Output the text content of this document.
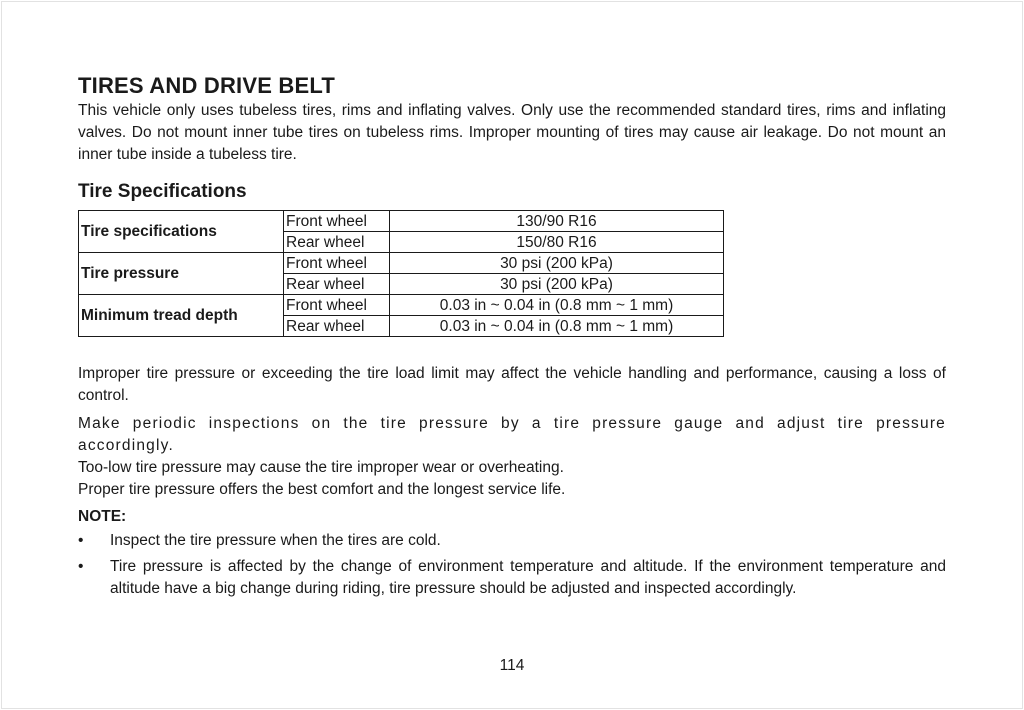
TIRES AND DRIVE BELT

This vehicle only uses tubeless tires, rims and inflating valves. Only use the recommended standard tires, rims and inflating valves. Do not mount inner tube tires on tubeless rims. Improper mounting of tires may cause air leakage. Do not mount an inner tube inside a tubeless tire.

Tire Specifications
Tire specifications	Front wheel	130/90 R16
	Rear wheel	150/80 R16
Tire pressure	Front wheel	30 psi (200 kPa)
	Rear wheel	30 psi (200 kPa)
Minimum tread depth	Front wheel	0.03 in ~ 0.04 in (0.8 mm ~ 1 mm)
	Rear wheel	0.03 in ~ 0.04 in (0.8 mm ~ 1 mm)

Improper tire pressure or exceeding the tire load limit may affect the vehicle handling and performance, causing a loss of control.

Make periodic inspections on the tire pressure by a tire pressure gauge and adjust tire pressure accordingly.

Too-low tire pressure may cause the tire improper wear or overheating.

Proper tire pressure offers the best comfort and the longest service life.

NOTE:
• Inspect the tire pressure when the tires are cold.
• Tire pressure is affected by the change of environment temperature and altitude. If the environment temperature and altitude have a big change during riding, tire pressure should be adjusted and inspected accordingly.
114
